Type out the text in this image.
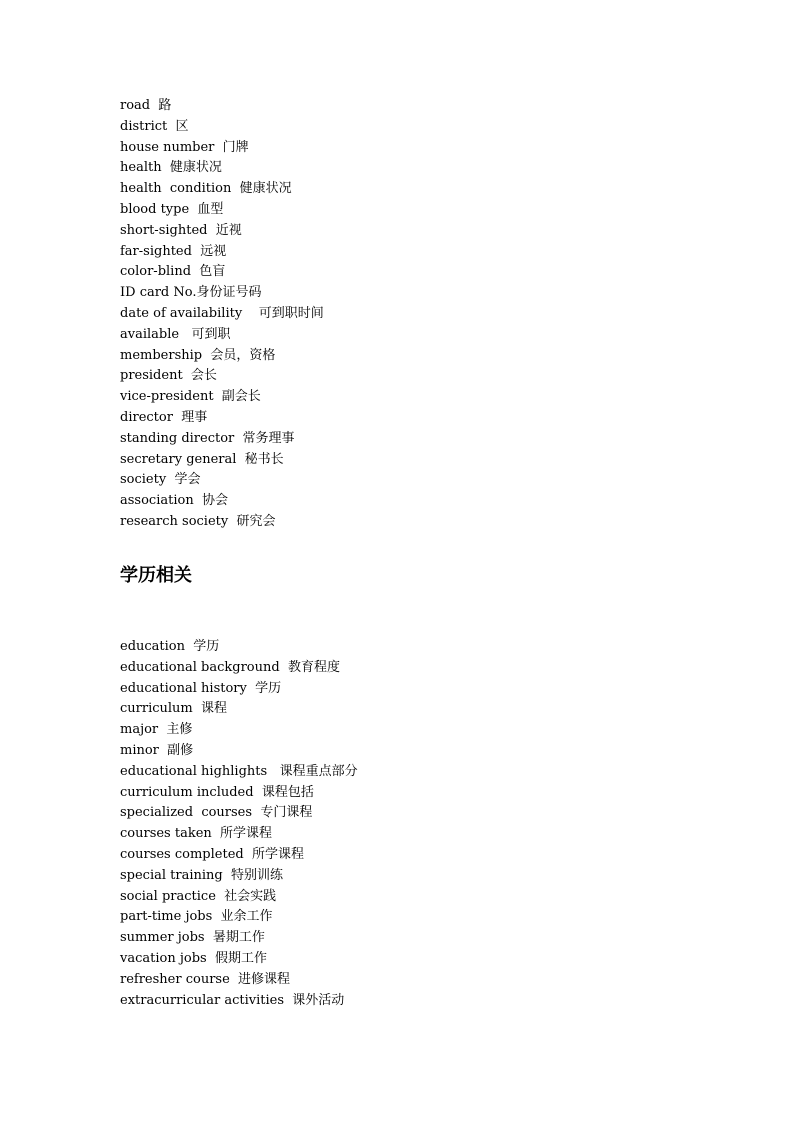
road  路
district  区
house number  门牌
health  健康状况
health  condition  健康状况
blood type  血型
short-sighted  近视
far-sighted  远视
color-blind  色盲
ID card No.身份证号码
date of availability    可到职时间
available   可到职
membership  会员，资格
president  会长
vice-president  副会长
director  理事
standing director  常务理事
secretary general  秘书长
society  学会
association  协会
research society  研究会
学历相关
education  学历
educational background  教育程度
educational history  学历
curriculum  课程
major  主修
minor  副修
educational highlights   课程重点部分
curriculum included  课程包括
specialized  courses  专门课程
courses taken  所学课程
courses completed  所学课程
special training  特别训练
social practice  社会实践
part-time jobs  业余工作
summer jobs  暑期工作
vacation jobs  假期工作
refresher course  进修课程
extracurricular activities  课外活动
